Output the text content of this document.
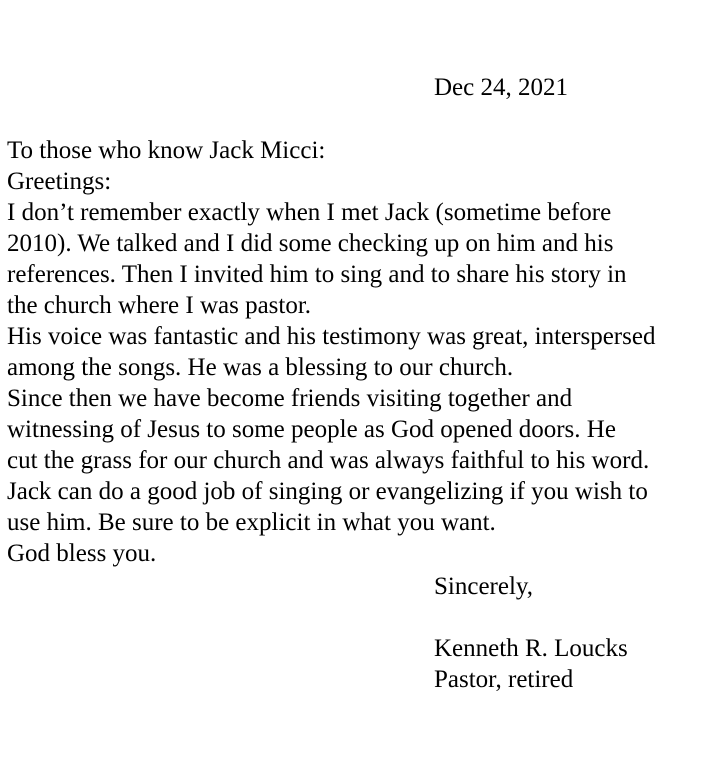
Dec 24, 2021
To those who know Jack Micci:
Greetings:
I don’t remember exactly when I met Jack (sometime before
2010). We talked and I did some checking up on him and his
references. Then I invited him to sing and to share his story in
the church where I was pastor.
His voice was fantastic and his testimony was great, interspersed
among the songs. He was a blessing to our church.
Since then we have become friends visiting together and
witnessing of Jesus to some people as God opened doors. He
cut the grass for our church and was always faithful to his word.
Jack can do a good job of singing or evangelizing if you wish to
use him. Be sure to be explicit in what you want.
God bless you.
Sincerely,
Kenneth R. Loucks
Pastor, retired
